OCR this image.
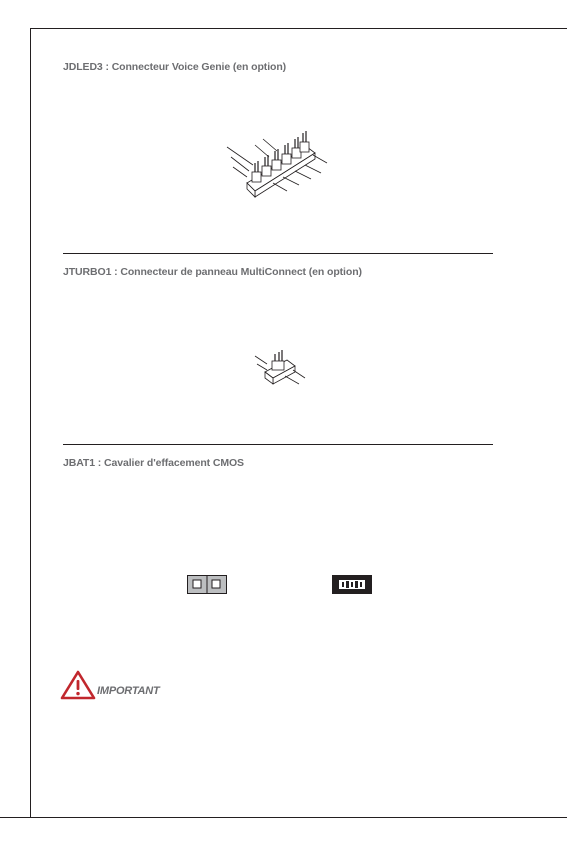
JDLED3 : Connecteur Voice Genie (en option)
JTURBO1 : Connecteur de panneau MultiConnect (en option)
JBAT1 : Cavalier d'effacement CMOS
IMPORTANT
